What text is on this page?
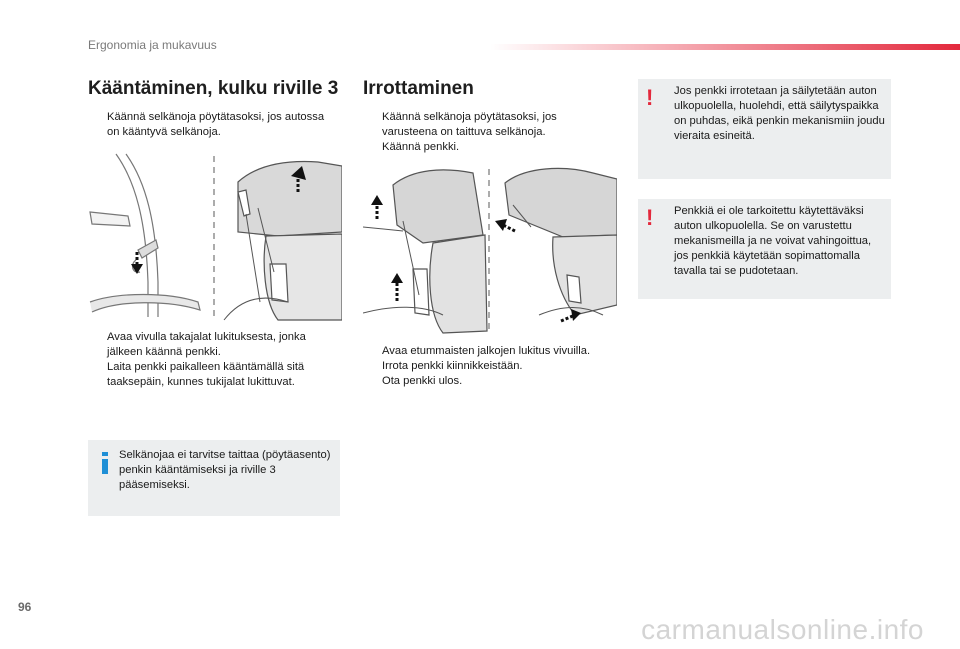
Ergonomia ja mukavuus
Kääntäminen, kulku riville 3
Käännä selkänoja pöytätasoksi, jos autossa on kääntyvä selkänoja.
Avaa vivulla takajalat lukituksesta, jonka jälkeen käännä penkki.
Laita penkki paikalleen kääntämällä sitä taaksepäin, kunnes tukijalat lukittuvat.
Selkänojaa ei tarvitse taittaa (pöytäasento) penkin kääntämiseksi ja riville 3 pääsemiseksi.
Irrottaminen
Käännä selkänoja pöytätasoksi, jos varusteena on taittuva selkänoja.
Käännä penkki.
Avaa etummaisten jalkojen lukitus vivuilla.
Irrota penkki kiinnikkeistään.
Ota penkki ulos.
! Jos penkki irrotetaan ja säilytetään auton ulkopuolella, huolehdi, että säilytyspaikka on puhdas, eikä penkin mekanismiin joudu vieraita esineitä.
! Penkkiä ei ole tarkoitettu käytettäväksi auton ulkopuolella. Se on varustettu mekanismeilla ja ne voivat vahingoittua, jos penkkiä käytetään sopimattomalla tavalla tai se pudotetaan.
96
carmanualsonline.info
